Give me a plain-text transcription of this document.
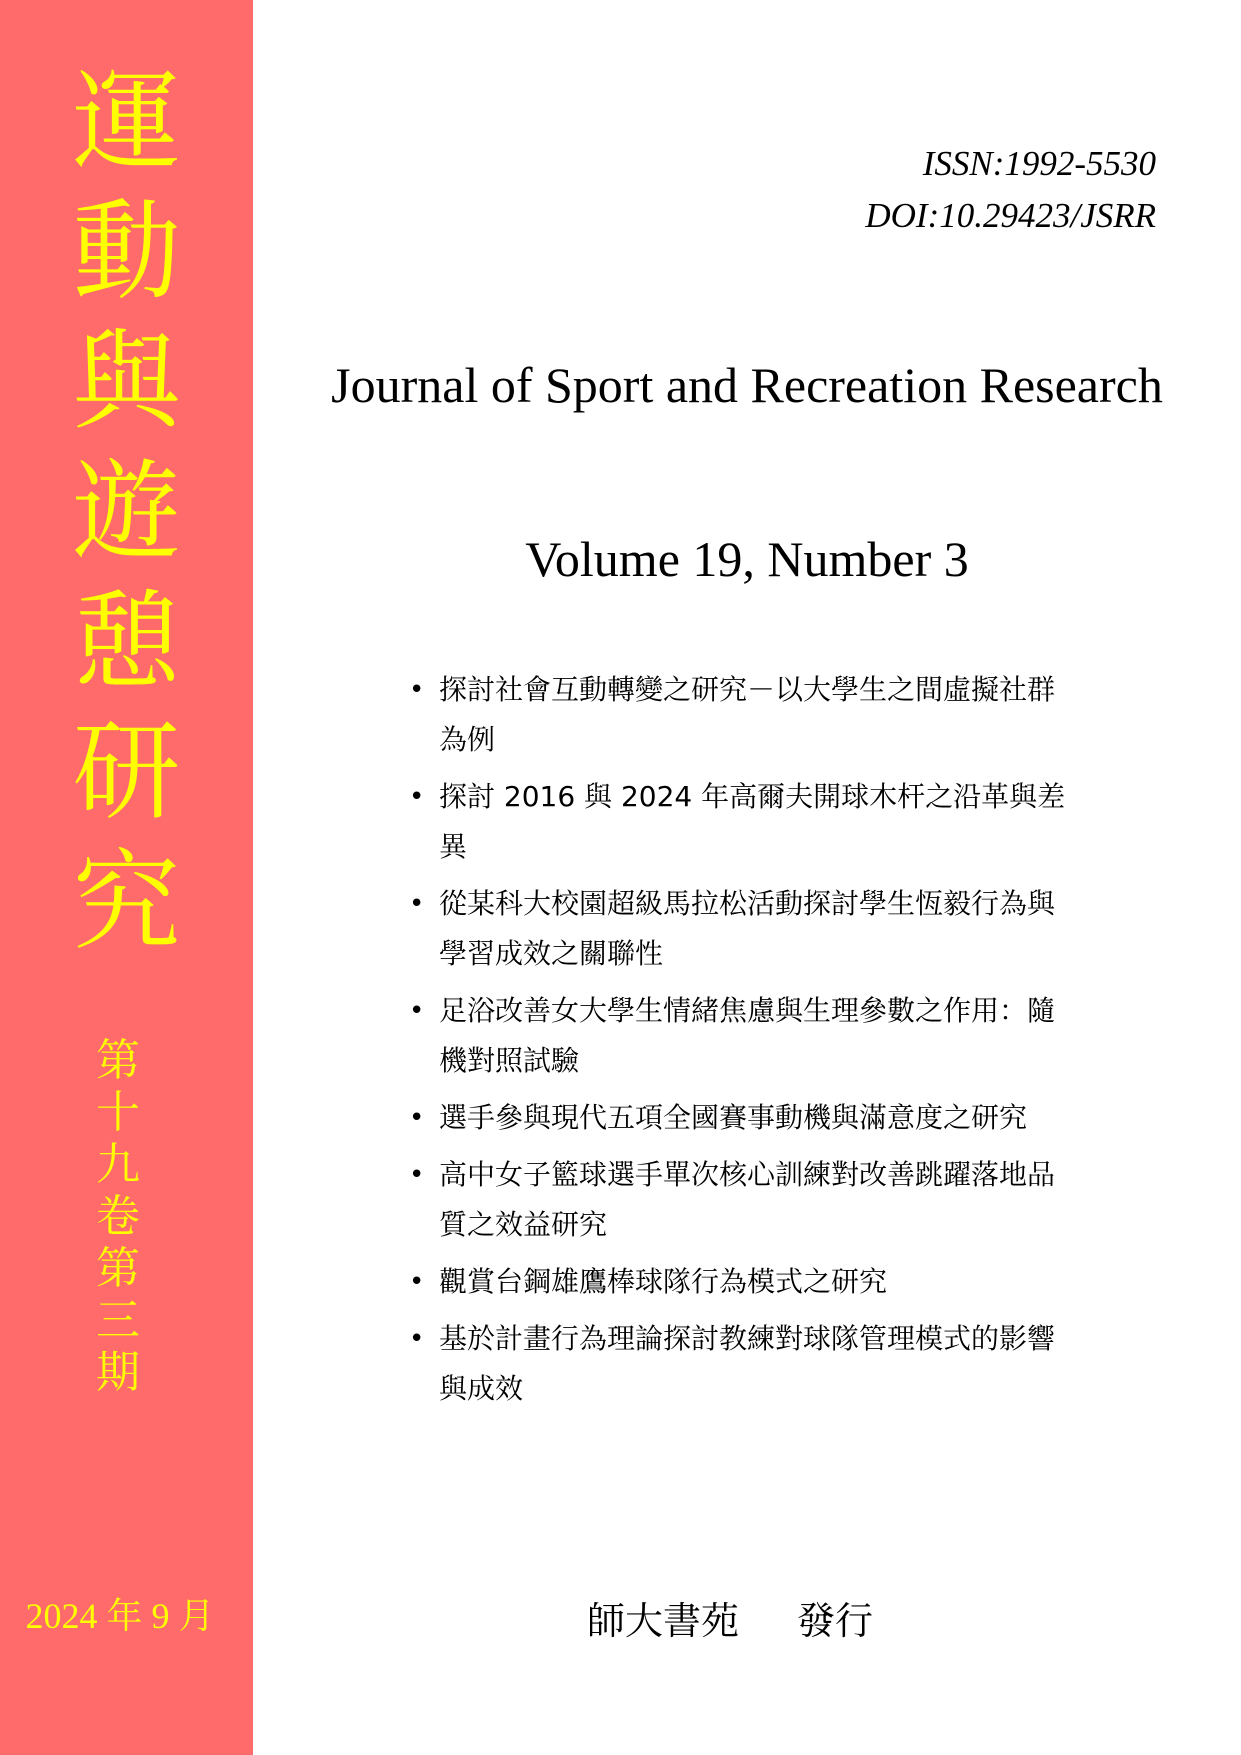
運
動
與
遊
憩
研
究
第
十
九
卷
第
三
期
2024 年 9 月
ISSN:1992-5530
DOI:10.29423/JSRR
Journal of Sport and Recreation Research
Volume 19, Number 3
• 探討社會互動轉變之研究－以大學生之間虛擬社群為例
• 探討 2016 與 2024 年高爾夫開球木杆之沿革與差異
• 從某科大校園超級馬拉松活動探討學生恆毅行為與學習成效之關聯性
• 足浴改善女大學生情緒焦慮與生理參數之作用：隨機對照試驗
• 選手參與現代五項全國賽事動機與滿意度之研究
• 高中女子籃球選手單次核心訓練對改善跳躍落地品質之效益研究
• 觀賞台鋼雄鷹棒球隊行為模式之研究
• 基於計畫行為理論探討教練對球隊管理模式的影響與成效
師大書苑 發行
